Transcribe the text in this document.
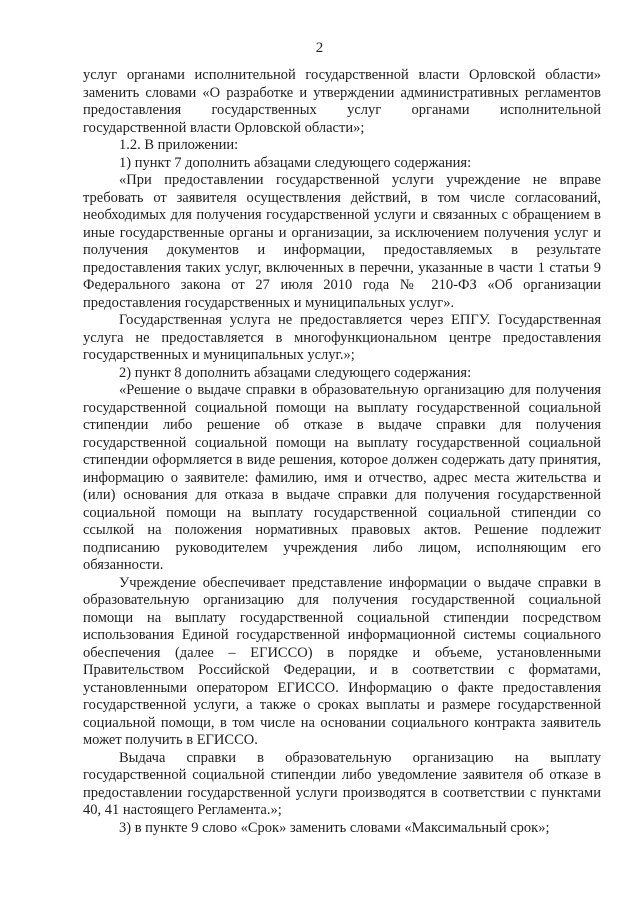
2

услуг органами исполнительной государственной власти Орловской области» заменить словами «О разработке и утверждении административных регламентов предоставления государственных услуг органами исполнительной государственной власти Орловской области»;

1.2. В приложении:

1) пункт 7 дополнить абзацами следующего содержания:

«При предоставлении государственной услуги учреждение не вправе требовать от заявителя осуществления действий, в том числе согласований, необходимых для получения государственной услуги и связанных с обращением в иные государственные органы и организации, за исключением получения услуг и получения документов и информации, предоставляемых в результате предоставления таких услуг, включенных в перечни, указанные в части 1 статьи 9 Федерального закона от 27 июля 2010 года № 210-ФЗ «Об организации предоставления государственных и муниципальных услуг».

Государственная услуга не предоставляется через ЕПГУ. Государственная услуга не предоставляется в многофункциональном центре предоставления государственных и муниципальных услуг.»;

2) пункт 8 дополнить абзацами следующего содержания:

«Решение о выдаче справки в образовательную организацию для получения государственной социальной помощи на выплату государственной социальной стипендии либо решение об отказе в выдаче справки для получения государственной социальной помощи на выплату государственной социальной стипендии оформляется в виде решения, которое должен содержать дату принятия, информацию о заявителе: фамилию, имя и отчество, адрес места жительства и (или) основания для отказа в выдаче справки для получения государственной социальной помощи на выплату государственной социальной стипендии со ссылкой на положения нормативных правовых актов. Решение подлежит подписанию руководителем учреждения либо лицом, исполняющим его обязанности.

Учреждение обеспечивает представление информации о выдаче справки в образовательную организацию для получения государственной социальной помощи на выплату государственной социальной стипендии посредством использования Единой государственной информационной системы социального обеспечения (далее – ЕГИССО) в порядке и объеме, установленными Правительством Российской Федерации, и в соответствии с форматами, установленными оператором ЕГИССО. Информацию о факте предоставления государственной услуги, а также о сроках выплаты и размере государственной социальной помощи, в том числе на основании социального контракта заявитель может получить в ЕГИССО.

Выдача справки в образовательную организацию на выплату государственной социальной стипендии либо уведомление заявителя об отказе в предоставлении государственной услуги производятся в соответствии с пунктами 40, 41 настоящего Регламента.»;

3) в пункте 9 слово «Срок» заменить словами «Максимальный срок»;
